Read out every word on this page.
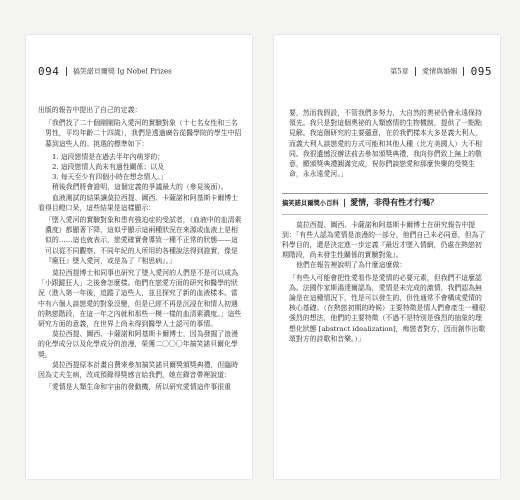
094 搞笑諾貝爾獎 Ig Nobel Prizes
出版的報告中提出了自己的定義：
「我們找了二十個剛剛陷入愛河的實驗對象（十七名女性和三名男性，平均年齡二十四歲），我們是透過廣告從醫學院的學生中招募到這些人的。挑選的標準如下：
1. 這段戀情是在過去半年內萌芽的；
2. 這段戀情人尚未有過性關係；以及
3. 每天至少有四個小時在想念情人。」
稍後我們將會證明，這個定義的爭議最大的（參見後面）。
血液測試的結果讓莫拉西提、圖西、卡薩諾和阿基斯卡爾博士看得目瞪口呆，這些結果是這樣顯示：
「墜入愛河的實驗對象和患有強迫症的受試者，（血液中的血清素濃度）都顯著下降，這似乎顯示這兩種狀況在來源或血液上是相似的……這也就表示，戀愛確實會導致一種不正常的狀態——這可以從不同觀察、不同年紀的人所用的各種說法得到證實，像是『瘋狂』墜入愛河，或是為了『相思病』。」
莫拉西提博士和同事也研究了墜入愛河的人們是不是可以成為「小跟蹤狂人」之後會怎麼樣。他們在戀愛方面的研究和醫學的狀況（進入第一年後，追蹤了這些人，並且探究了新的血液樣本。當中有六個人談戀愛的對象沒變，但是已經不再是沉浸在和情人初遇的熱戀階段，在這一年之內就和那些一模一樣的血清素濃度。」這些研究方面的意義，在世界上尚未得到醫學人士認可的事情。
莫拉西提、圖西、卡薩諾和阿基斯卡爾博士，因為發掘了浪漫的化學成分以及化學成分的浪漫，榮獲二〇〇〇年搞笑諾貝爾化學獎。
莫拉西提原本計畫自費來參加搞笑諾貝爾獎頒獎典禮，但臨時因為丈夫生病，改成預錄得獎感言給我們，她在錄音帶裡說道：
「愛情是人類生命和宇宙的發動機，所以研究愛情這件事很重
第5章 愛情與婚姻 095
要，然而我假設，不管我們多努力，大自然的奧祕仍會永遠保持領先。我只是對這個奧祕的人類感情的生物機制，提供了一點點見解。我這個研究的主要蘊意，在於我們樣本大多是義大利人，而義大利人談戀愛的方式可能和其他人種（比方美國人）大不相同。我很遺憾沒辦法前去參加頒獎典禮，我向你們致上無上的敬意，願頒獎典禮圓滿完成，祝你們談戀愛和那麼快樂的受獎生命，永永遠愛河。」
搞笑諾貝爾獎小百科 愛情，非得有性才行嗎？
莫拉西提、圖西、卡薩諾和阿基斯卡爾博士在研究報告中提到：「有些人認為愛情是浪漫的一部分，他們自己未必同意，但為了科學目的，還是決定進一步定義『最近才墜入情網，仍處在熱戀初期階段，尚未發生性關係的實驗對象』。
他們在報告裡說明了為什麼這麼做：
「有些人可能會把性愛看作是愛情的必要元素，但我們不這麼認為。法國作家斯湯達爾認為，愛情是未完成的激情，我們認為無論是在這種情況下，性是可以發生的，但性通常不會構成愛情的核心基礎。（在熱戀初期的時候）主要特徵是情人們會產生一種很強烈的想法，他們的主要特徵（不過不是特別是強烈的抽象的理想化狀態 [abstract idealization]，痴戀者對方，因而創作出歌頌對方的詩歌和音樂。）」
